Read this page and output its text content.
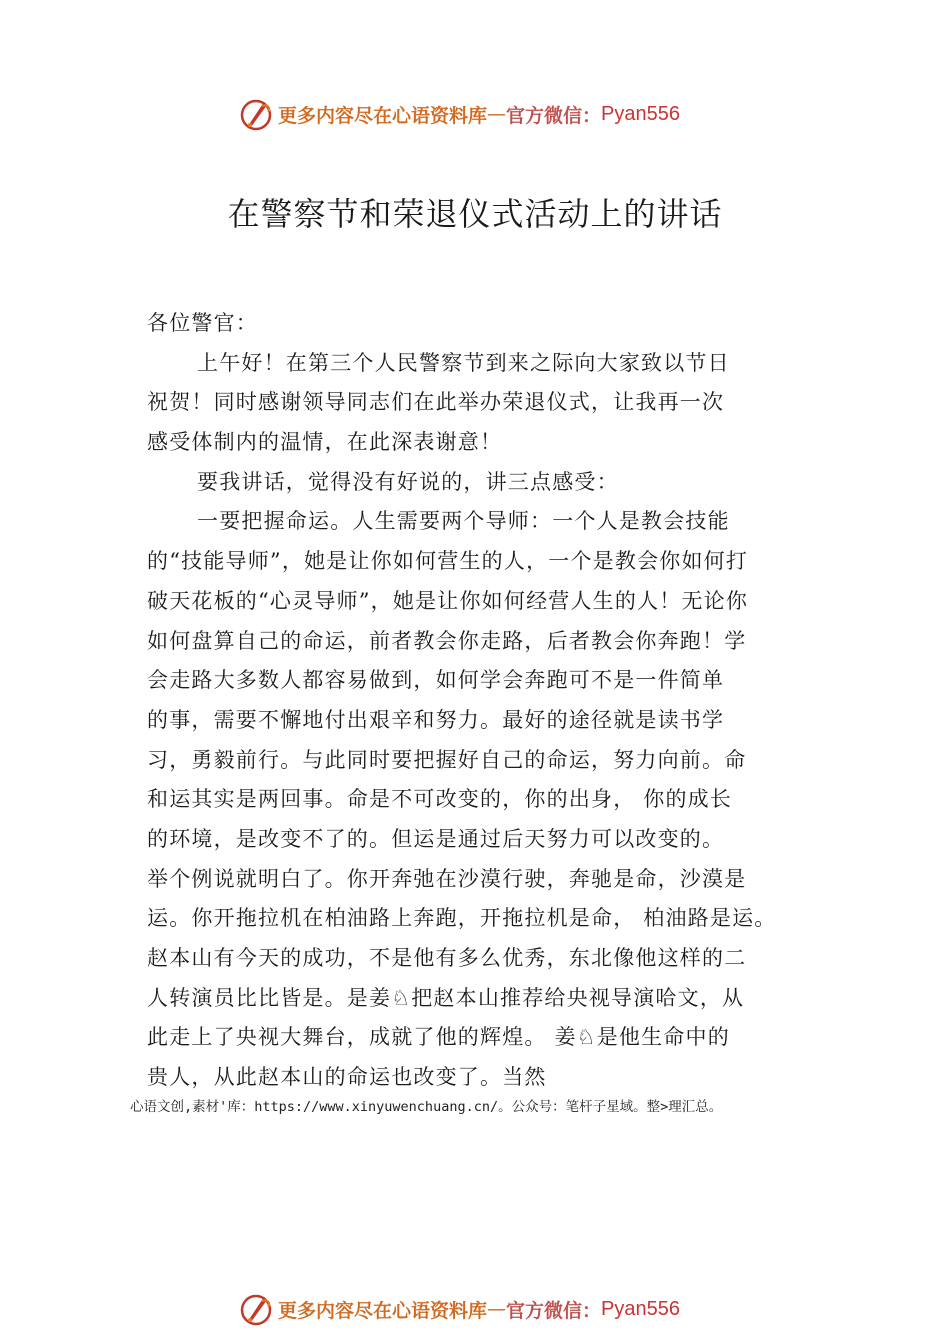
更多内容尽在心语资料库 — 官方微信： Pyan556
在警察节和荣退仪式活动上的讲话
各位警官：
上午好！在第三个人民警察节到来之际向大家致以节日
祝贺！同时感谢领导同志们在此举办荣退仪式，让我再一次
感受体制内的温情，在此深表谢意！
要我讲话，觉得没有好说的，讲三点感受：
一要把握命运。人生需要两个导师：一个人是教会技能
的“技能导师”，她是让你如何营生的人，一个是教会你如何打
破天花板的“心灵导师”，她是让你如何经营人生的人！无论你
如何盘算自己的命运，前者教会你走路，后者教会你奔跑！学
会走路大多数人都容易做到，如何学会奔跑可不是一件简单
的事，需要不懈地付出艰辛和努力。最好的途径就是读书学
习，勇毅前行。与此同时要把握好自己的命运，努力向前。命
和运其实是两回事。命是不可改变的，你的出身， 你的成长
的环境，是改变不了的。但运是通过后天努力可以改变的。
举个例说就明白了。你开奔弛在沙漠行驶，奔驰是命，沙漠是
运。你开拖拉机在柏油路上奔跑，开拖拉机是命， 柏油路是运。
赵本山有今天的成功，不是他有多么优秀，东北像他这样的二
人转演员比比皆是。是姜♘把赵本山推荐给央视导演哈文，从
此走上了央视大舞台，成就了他的辉煌。 姜♘是他生命中的
贵人，从此赵本山的命运也改变了。当然
心语文创,素材'库：https://www.xinyuwenchuang.cn/。公众号：笔杆子星域。整>理汇总。
更多内容尽在心语资料库 — 官方微信： Pyan556
